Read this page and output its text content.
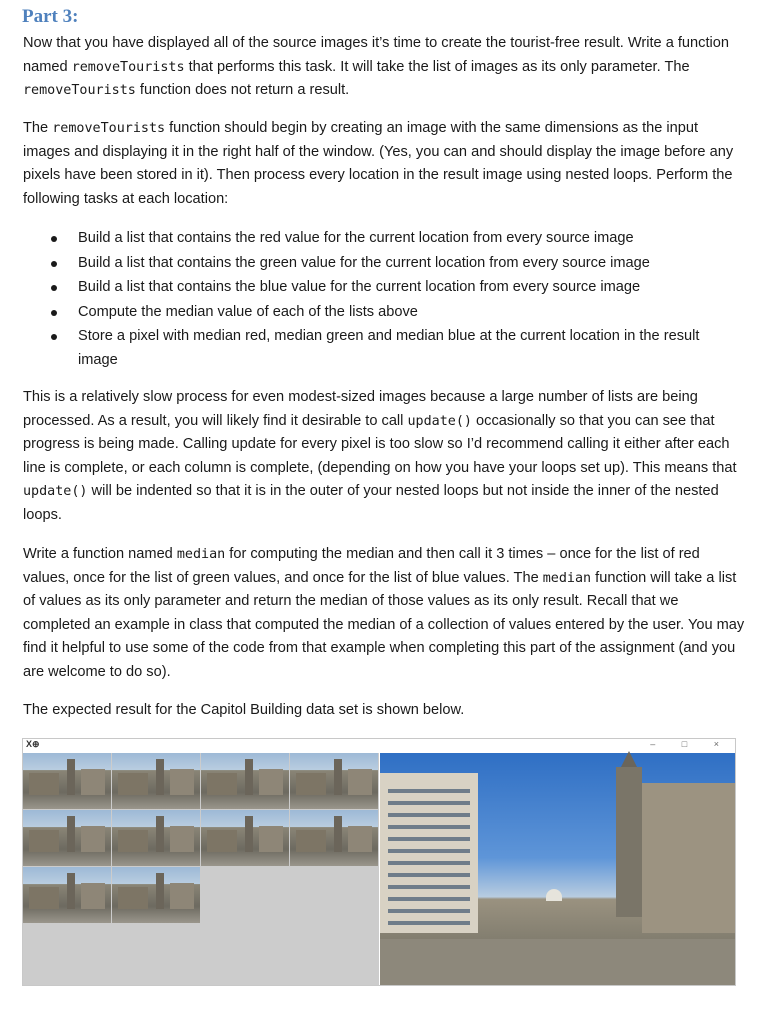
Part 3:

Now that you have displayed all of the source images it’s time to create the tourist-free result. Write a function named removeTourists that performs this task. It will take the list of images as its only parameter. The removeTourists function does not return a result.

The removeTourists function should begin by creating an image with the same dimensions as the input images and displaying it in the right half of the window. (Yes, you can and should display the image before any pixels have been stored in it). Then process every location in the result image using nested loops. Perform the following tasks at each location:

Build a list that contains the red value for the current location from every source image
Build a list that contains the green value for the current location from every source image
Build a list that contains the blue value for the current location from every source image
Compute the median value of each of the lists above
Store a pixel with median red, median green and median blue at the current location in the result image

This is a relatively slow process for even modest-sized images because a large number of lists are being processed. As a result, you will likely find it desirable to call update() occasionally so that you can see that progress is being made. Calling update for every pixel is too slow so I’d recommend calling it either after each line is complete, or each column is complete, (depending on how you have your loops set up). This means that update() will be indented so that it is in the outer of your nested loops but not inside the inner of the nested loops.

Write a function named median for computing the median and then call it 3 times – once for the list of red values, once for the list of green values, and once for the list of blue values. The median function will take a list of values as its only parameter and return the median of those values as its only result. Recall that we completed an example in class that computed the median of a collection of values entered by the user. You may find it helpful to use some of the code from that example when completing this part of the assignment (and you are welcome to do so).

The expected result for the Capitol Building data set is shown below.

X⊕	– □ ×
